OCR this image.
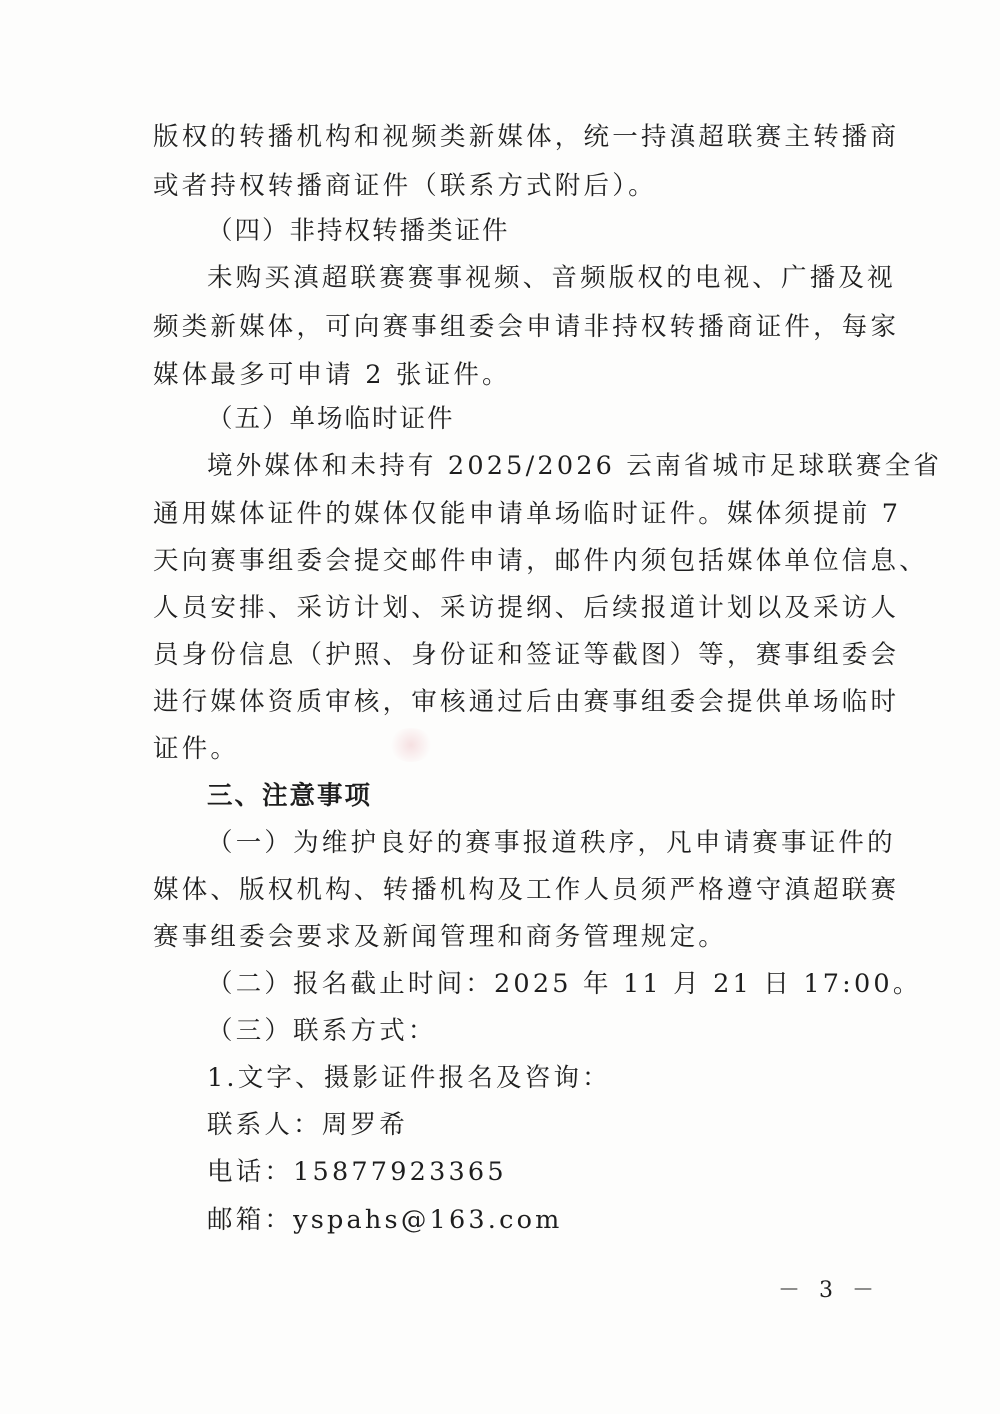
版权的转播机构和视频类新媒体，统一持滇超联赛主转播商
或者持权转播商证件（联系方式附后）。
（四）非持权转播类证件
未购买滇超联赛赛事视频、音频版权的电视、广播及视
频类新媒体，可向赛事组委会申请非持权转播商证件，每家
媒体最多可申请 2 张证件。
（五）单场临时证件
境外媒体和未持有 2025/2026 云南省城市足球联赛全省
通用媒体证件的媒体仅能申请单场临时证件。媒体须提前 7
天向赛事组委会提交邮件申请，邮件内须包括媒体单位信息、
人员安排、采访计划、采访提纲、后续报道计划以及采访人
员身份信息（护照、身份证和签证等截图）等，赛事组委会
进行媒体资质审核，审核通过后由赛事组委会提供单场临时
证件。
三、注意事项
（一）为维护良好的赛事报道秩序，凡申请赛事证件的
媒体、版权机构、转播机构及工作人员须严格遵守滇超联赛
赛事组委会要求及新闻管理和商务管理规定。
（二）报名截止时间：2025 年 11 月 21 日 17:00。
（三）联系方式：
1.文字、摄影证件报名及咨询：
联系人：周罗希
电话：15877923365
邮箱：yspahs@163.com
－ 3 －
